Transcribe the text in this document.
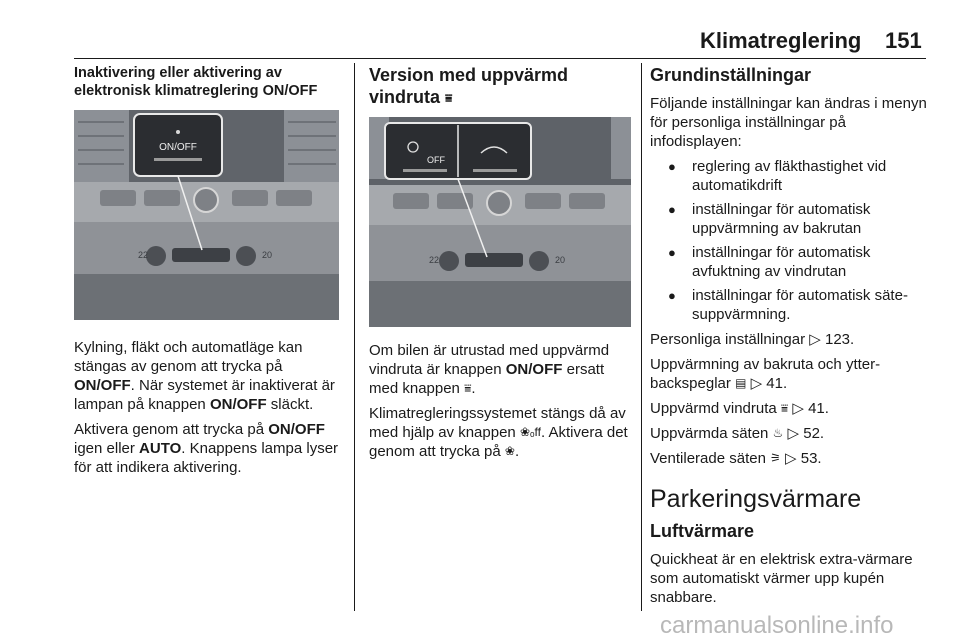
Klimatreglering 151
Inaktivering eller aktivering av elektronisk klimatreglering ON/OFF
ON/OFF
22	20

Kylning, fläkt och automatläge kan stängas av genom att trycka på ON/OFF. När systemet är inaktiverat är lampan på knappen ON/OFF släckt.

Aktivera genom att trycka på ON/OFF igen eller AUTO. Knappens lampa lyser för att indikera aktivering.

Version med uppvärmd vindruta ⩸
OFF
22	20

Om bilen är utrustad med uppvärmd vindruta är knappen ON/OFF ersatt med knappen ⩸.

Klimatregleringssystemet stängs då av med hjälp av knappen ❀ₒff. Aktivera det genom att trycka på ❀.

Grundinställningar

Följande inställningar kan ändras i menyn för personliga inställningar på infodisplayen:

● reglering av fläkthastighet vid automatikdrift
● inställningar för automatisk uppvärmning av bakrutan
● inställningar för automatisk avfuktning av vindrutan
● inställningar för automatisk säte-suppvärmning.

Personliga inställningar ▷ 123.

Uppvärmning av bakruta och ytter-backspeglar ▤ ▷ 41.

Uppvärmd vindruta ⩸ ▷ 41.

Uppvärmda säten ♨ ▷ 52.

Ventilerade säten ⚞ ▷ 53.

Parkeringsvärmare
Luftvärmare

Quickheat är en elektrisk extra-värmare som automatiskt värmer upp kupén snabbare.

carmanualsonline.info
